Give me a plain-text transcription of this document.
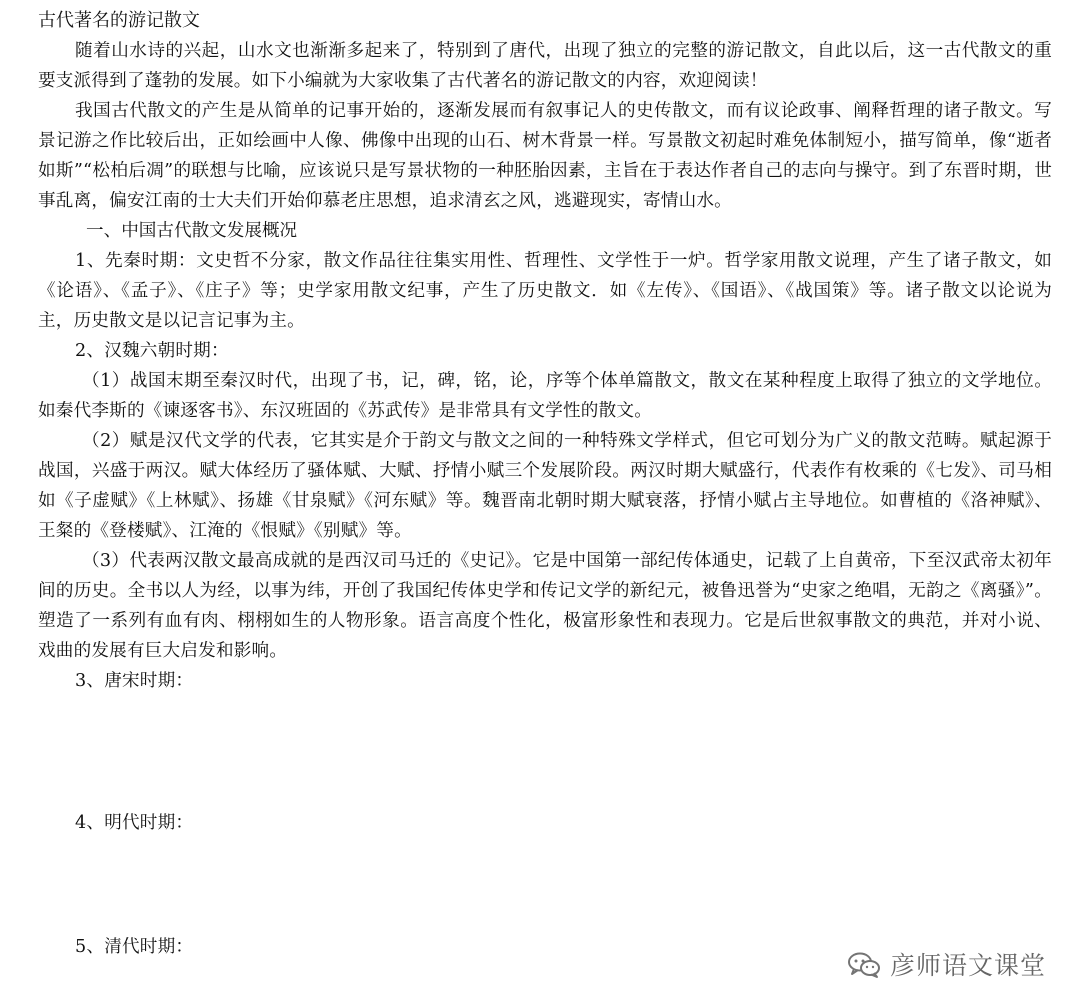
古代著名的游记散文

随着山水诗的兴起，山水文也渐渐多起来了，特别到了唐代，出现了独立的完整的游记散文，自此以后，这一古代散文的重要支派得到了蓬勃的发展。如下小编就为大家收集了古代著名的游记散文的内容，欢迎阅读！

我国古代散文的产生是从简单的记事开始的，逐渐发展而有叙事记人的史传散文，而有议论政事、阐释哲理的诸子散文。写景记游之作比较后出，正如绘画中人像、佛像中出现的山石、树木背景一样。写景散文初起时难免体制短小，描写简单，像“逝者如斯”“松柏后凋”的联想与比喻，应该说只是写景状物的一种胚胎因素，主旨在于表达作者自己的志向与操守。到了东晋时期，世事乱离，偏安江南的士大夫们开始仰慕老庄思想，追求清玄之风，逃避现实，寄情山水。

一、中国古代散文发展概况

1、先秦时期：文史哲不分家，散文作品往往集实用性、哲理性、文学性于一炉。哲学家用散文说理，产生了诸子散文，如《论语》、《孟子》、《庄子》等；史学家用散文纪事，产生了历史散文．如《左传》、《国语》、《战国策》等。诸子散文以论说为主，历史散文是以记言记事为主。

2、汉魏六朝时期：

（1）战国末期至秦汉时代，出现了书，记，碑，铭，论，序等个体单篇散文，散文在某种程度上取得了独立的文学地位。如秦代李斯的《谏逐客书》、东汉班固的《苏武传》是非常具有文学性的散文。

（2）赋是汉代文学的代表，它其实是介于韵文与散文之间的一种特殊文学样式，但它可划分为广义的散文范畴。赋起源于战国，兴盛于两汉。赋大体经历了骚体赋、大赋、抒情小赋三个发展阶段。两汉时期大赋盛行，代表作有枚乘的《七发》、司马相如《子虚赋》《上林赋》、扬雄《甘泉赋》《河东赋》等。魏晋南北朝时期大赋衰落，抒情小赋占主导地位。如曹植的《洛神赋》、王粲的《登楼赋》、江淹的《恨赋》《别赋》等。

（3）代表两汉散文最高成就的是西汉司马迁的《史记》。它是中国第一部纪传体通史，记载了上自黄帝，下至汉武帝太初年间的历史。全书以人为经，以事为纬，开创了我国纪传体史学和传记文学的新纪元，被鲁迅誉为“史家之绝唱，无韵之《离骚》”。塑造了一系列有血有肉、栩栩如生的人物形象。语言高度个性化，极富形象性和表现力。它是后世叙事散文的典范，并对小说、戏曲的发展有巨大启发和影响。

3、唐宋时期：

4、明代时期：

5、清代时期：

彦师语文课堂
